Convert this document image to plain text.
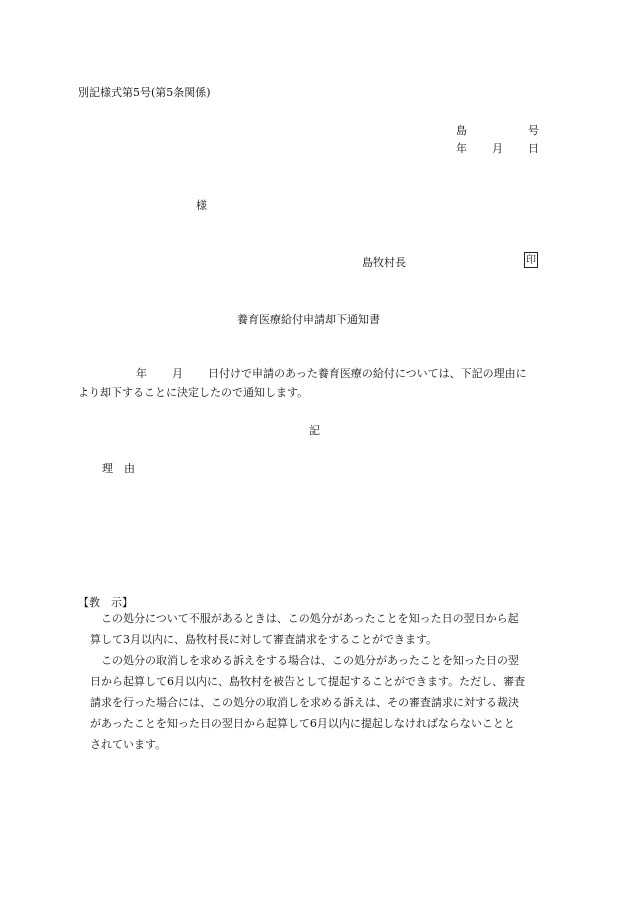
別記様式第5号(第5条関係)
島	号
年 月 日
様
島牧村長	印
養育医療給付申請却下通知書
年 月 日付けで申請のあった養育医療の給付については、下記の理由に
より却下することに決定したので通知します。
記
理　由
【教　示】
　この処分について不服があるときは、この処分があったことを知った日の翌日から起
算して3月以内に、島牧村長に対して審査請求をすることができます。
　この処分の取消しを求める訴えをする場合は、この処分があったことを知った日の翌
日から起算して6月以内に、島牧村を被告として提起することができます。ただし、審査
請求を行った場合には、この処分の取消しを求める訴えは、その審査請求に対する裁決
があったことを知った日の翌日から起算して6月以内に提起しなければならないことと
されています。
